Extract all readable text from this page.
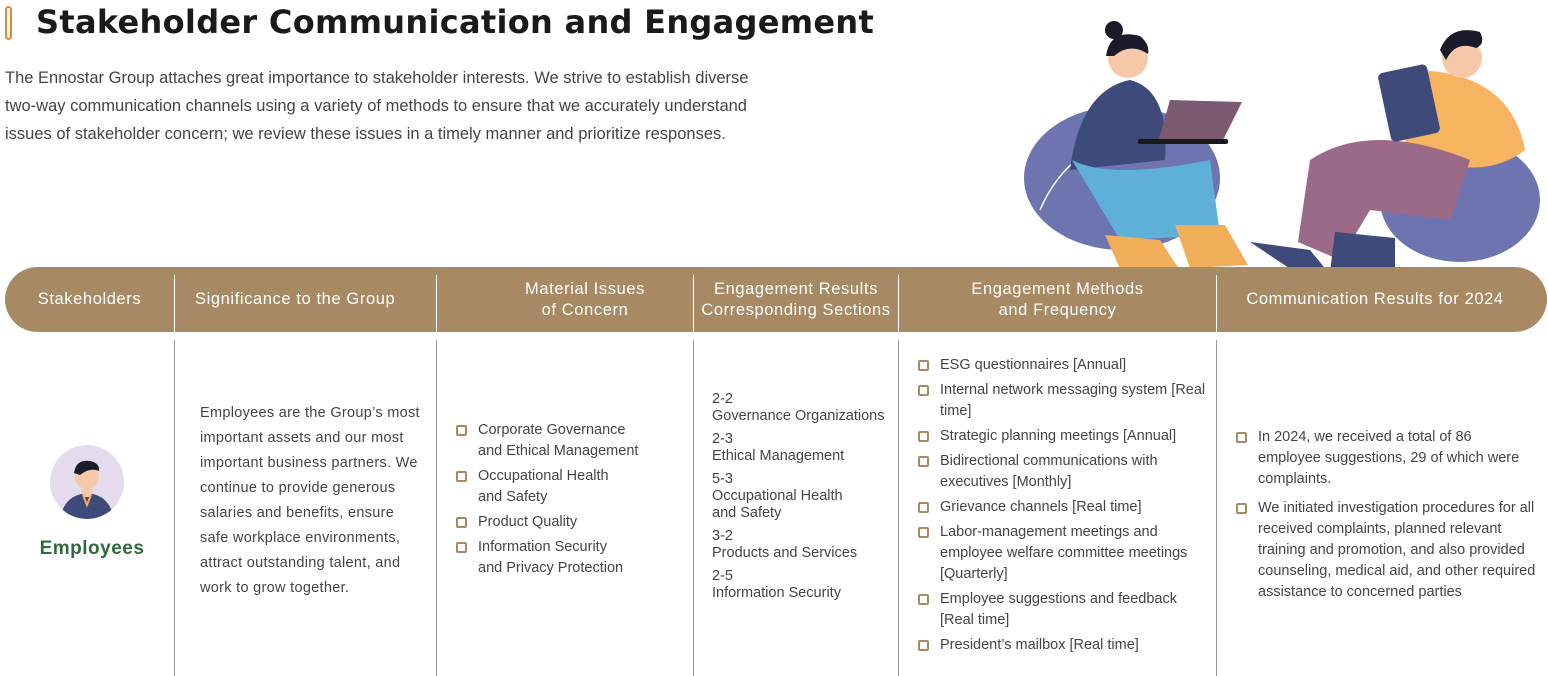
Stakeholder Communication and Engagement

The Ennostar Group attaches great importance to stakeholder interests. We strive to establish diverse two-way communication channels using a variety of methods to ensure that we accurately understand issues of stakeholder concern; we review these issues in a timely manner and prioritize responses.

Stakeholders	Significance to the Group
Material Issues
of Concern
Engagement Results
Corresponding Sections
Engagement Methods
and Frequency
Communication Results for 2024
Employees
Employees are the Group’s most important assets and our most important business partners. We continue to provide generous salaries and benefits, ensure safe workplace environments, attract outstanding talent, and work to grow together.
Corporate Governance
and Ethical Management
Occupational Health
and Safety
Product Quality
Information Security
and Privacy Protection
2-2
Governance Organizations
2-3
Ethical Management
5-3
Occupational Health and Safety
3-2
Products and Services
2-5
Information Security
ESG questionnaires [Annual]
Internal network messaging system [Real time]
Strategic planning meetings [Annual]
Bidirectional communications with executives [Monthly]
Grievance channels [Real time]
Labor-management meetings and employee welfare committee meetings [Quarterly]
Employee suggestions and feedback [Real time]
President’s mailbox [Real time]
In 2024, we received a total of 86 employee suggestions, 29 of which were complaints.
We initiated investigation procedures for all received complaints, planned relevant training and promotion, and also provided counseling, medical aid, and other required assistance to concerned parties
